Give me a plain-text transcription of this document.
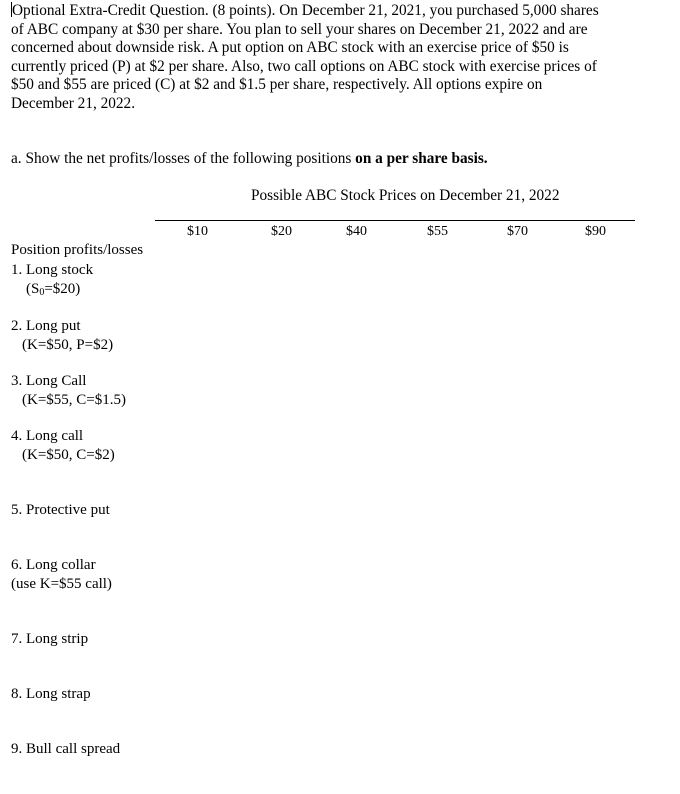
Optional Extra-Credit Question. (8 points). On December 21, 2021, you purchased 5,000 shares
of ABC company at $30 per share. You plan to sell your shares on December 21, 2022 and are
concerned about downside risk. A put option on ABC stock with an exercise price of $50 is
currently priced (P) at $2 per share. Also, two call options on ABC stock with exercise prices of
$50 and $55 are priced (C) at $2 and $1.5 per share, respectively. All options expire on
December 21, 2022.
a. Show the net profits/losses of the following positions on a per share basis.
Possible ABC Stock Prices on December 21, 2022
$10	$20	$40	$55	$70	$90
Position profits/losses
1. Long stock
$(S_0=\$20)$
2. Long put
(K=$50, P=$2)
3. Long Call
(K=$55, C=$1.5)
4. Long call
(K=$50, C=$2)
5. Protective put
6. Long collar
(use K=$55 call)
7. Long strip
8. Long strap
9. Bull call spread
